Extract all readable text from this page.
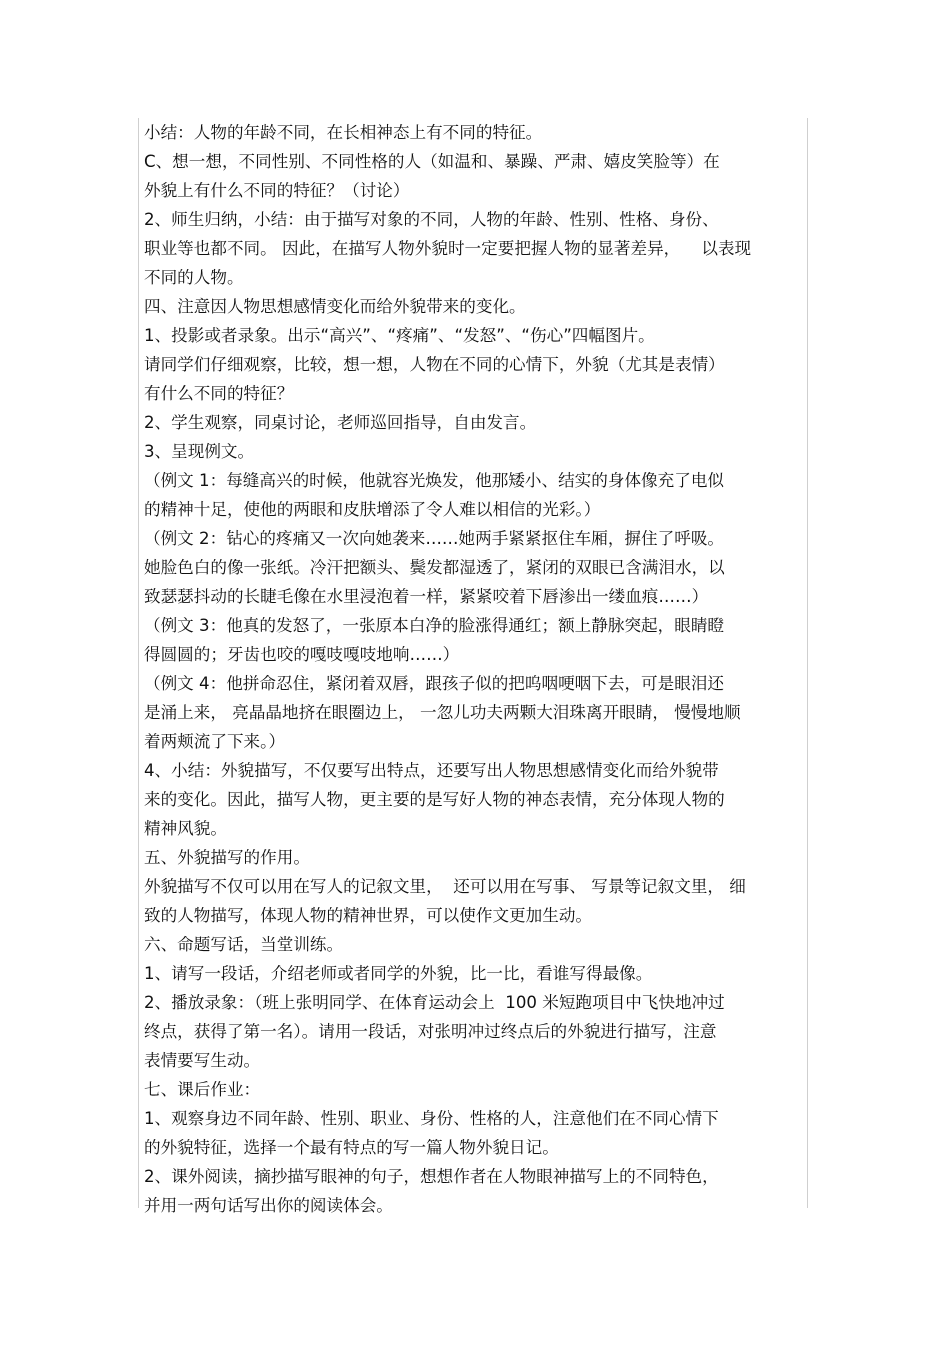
小结：人物的年龄不同，在长相神态上有不同的特征。
C、想一想，不同性别、不同性格的人（如温和、暴躁、严肃、嬉皮笑脸等）在
外貌上有什么不同的特征？（讨论）
2、师生归纳，小结：由于描写对象的不同，人物的年龄、性别、性格、身份、
职业等也都不同。 因此，在描写人物外貌时一定要把握人物的显著差异，    以表现
不同的人物。
四、注意因人物思想感情变化而给外貌带来的变化。
1、投影或者录象。出示“高兴”、“疼痛”、“发怒”、“伤心”四幅图片。
请同学们仔细观察，比较，想一想，人物在不同的心情下，外貌（尤其是表情）
有什么不同的特征？
2、学生观察，同桌讨论，老师巡回指导，自由发言。
3、呈现例文。
（例文 1：每缝高兴的时候，他就容光焕发，他那矮小、结实的身体像充了电似
的精神十足，使他的两眼和皮肤增添了令人难以相信的光彩。）
（例文 2：钻心的疼痛又一次向她袭来……她两手紧紧抠住车厢，摒住了呼吸。
她脸色白的像一张纸。冷汗把额头、鬓发都湿透了，紧闭的双眼已含满泪水，以
致瑟瑟抖动的长睫毛像在水里浸泡着一样，紧紧咬着下唇渗出一缕血痕……）
（例文 3：他真的发怒了，一张原本白净的脸涨得通红；额上静脉突起，眼睛瞪
得圆圆的；牙齿也咬的嘎吱嘎吱地响……）
（例文 4：他拼命忍住，紧闭着双唇，跟孩子似的把呜咽哽咽下去，可是眼泪还
是涌上来， 亮晶晶地挤在眼圈边上， 一忽儿功夫两颗大泪珠离开眼睛， 慢慢地顺
着两颊流了下来。）
4、小结：外貌描写，不仅要写出特点，还要写出人物思想感情变化而给外貌带
来的变化。因此，描写人物，更主要的是写好人物的神态表情，充分体现人物的
精神风貌。
五、外貌描写的作用。
外貌描写不仅可以用在写人的记叙文里，  还可以用在写事、 写景等记叙文里， 细
致的人物描写，体现人物的精神世界，可以使作文更加生动。
六、命题写话，当堂训练。
1、请写一段话，介绍老师或者同学的外貌，比一比，看谁写得最像。
2、播放录象：（班上张明同学、在体育运动会上  100 米短跑项目中飞快地冲过
终点，获得了第一名）。请用一段话，对张明冲过终点后的外貌进行描写，注意
表情要写生动。
七、课后作业：
1、观察身边不同年龄、性别、职业、身份、性格的人，注意他们在不同心情下
的外貌特征，选择一个最有特点的写一篇人物外貌日记。
2、课外阅读，摘抄描写眼神的句子，想想作者在人物眼神描写上的不同特色，
并用一两句话写出你的阅读体会。
